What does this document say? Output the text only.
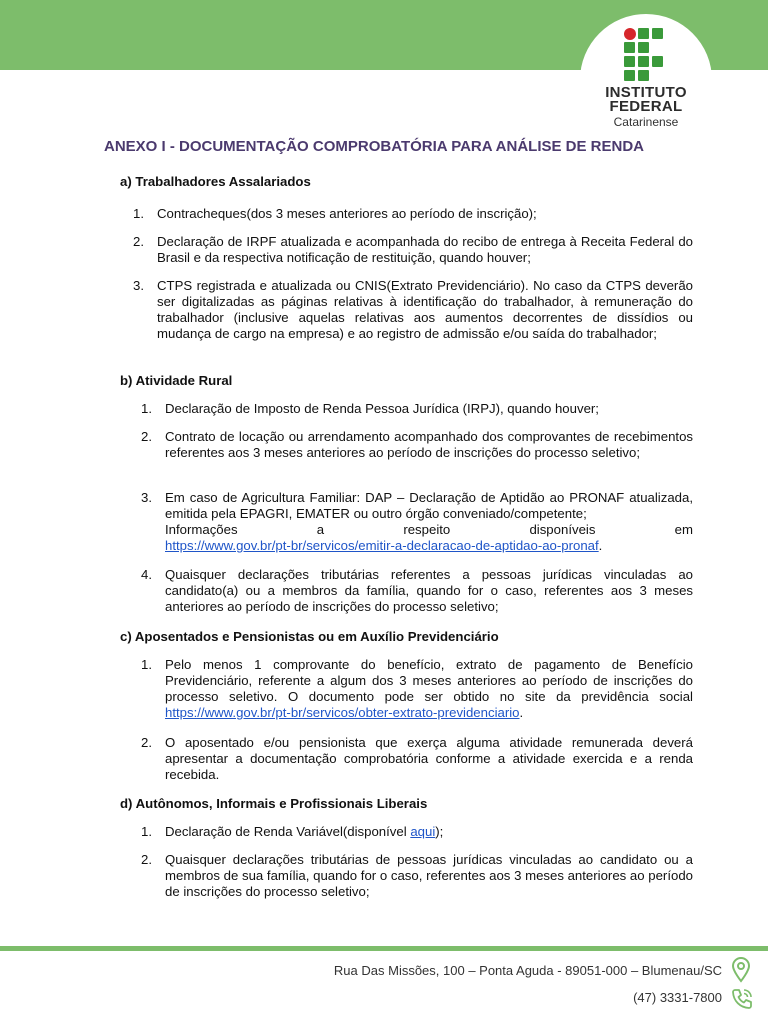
INSTITUTO
FEDERAL
Catarinense
ANEXO I - DOCUMENTAÇÃO COMPROBATÓRIA PARA ANÁLISE DE RENDA
a) Trabalhadores Assalariados
1. Contracheques(dos 3 meses anteriores ao período de inscrição);
2. Declaração de IRPF atualizada e acompanhada do recibo de entrega à Receita Federal do Brasil e da respectiva notificação de restituição, quando houver;
3. CTPS registrada e atualizada ou CNIS(Extrato Previdenciário). No caso da CTPS deverão ser digitalizadas as páginas relativas à identificação do trabalhador, à remuneração do trabalhador (inclusive aquelas relativas aos aumentos decorrentes de dissídios ou mudança de cargo na empresa) e ao registro de admissão e/ou saída do trabalhador;
b) Atividade Rural
1. Declaração de Imposto de Renda Pessoa Jurídica (IRPJ), quando houver;
2. Contrato de locação ou arrendamento acompanhado dos comprovantes de recebimentos referentes aos 3 meses anteriores ao período de inscrições do processo seletivo;
3. Em caso de Agricultura Familiar: DAP – Declaração de Aptidão ao PRONAF atualizada, emitida pela EPAGRI, EMATER ou outro órgão conveniado/competente;
Informações	a	respeito	disponíveis	em
https://www.gov.br/pt-br/servicos/emitir-a-declaracao-de-aptidao-ao-pronaf.
4. Quaisquer declarações tributárias referentes a pessoas jurídicas vinculadas ao candidato(a) ou a membros da família, quando for o caso, referentes aos 3 meses anteriores ao período de inscrições do processo seletivo;
c) Aposentados e Pensionistas ou em Auxílio Previdenciário
1. Pelo menos 1 comprovante do benefício, extrato de pagamento de Benefício Previdenciário, referente a algum dos 3 meses anteriores ao período de inscrições do processo seletivo. O documento pode ser obtido no site da previdência social https://www.gov.br/pt-br/servicos/obter-extrato-previdenciario.
2. O aposentado e/ou pensionista que exerça alguma atividade remunerada deverá apresentar a documentação comprobatória conforme a atividade exercida e a renda recebida.
d) Autônomos, Informais e Profissionais Liberais
1. Declaração de Renda Variável(disponível aqui);
2. Quaisquer declarações tributárias de pessoas jurídicas vinculadas ao candidato ou a membros de sua família, quando for o caso, referentes aos 3 meses anteriores ao período de inscrições do processo seletivo;
Rua Das Missões, 100 – Ponta Aguda - 89051-000 – Blumenau/SC
(47) 3331-7800
